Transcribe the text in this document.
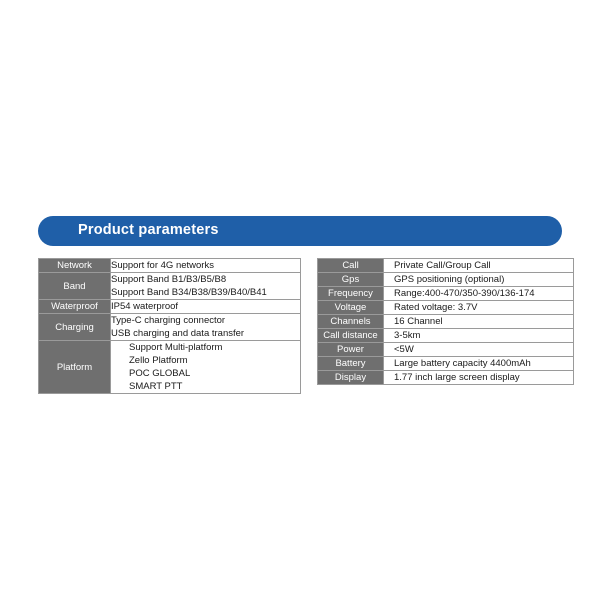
Product parameters
Network	Support for 4G networks

Band	Support Band B1/B3/B5/B8
Support Band B34/B38/B39/B40/B41

Waterproof	IP54 waterproof

Charging	Type-C charging connector
USB charging and data transfer

Platform	Support Multi-platform
Zello Platform
POC GLOBAL
SMART PTT
Call	Private Call/Group Call

Gps	GPS positioning (optional)

Frequency	Range:400-470/350-390/136-174

Voltage	Rated voltage: 3.7V

Channels	16 Channel

Call distance	3-5km

Power	<5W

Battery	Large battery capacity 4400mAh

Display	1.77 inch large screen display
